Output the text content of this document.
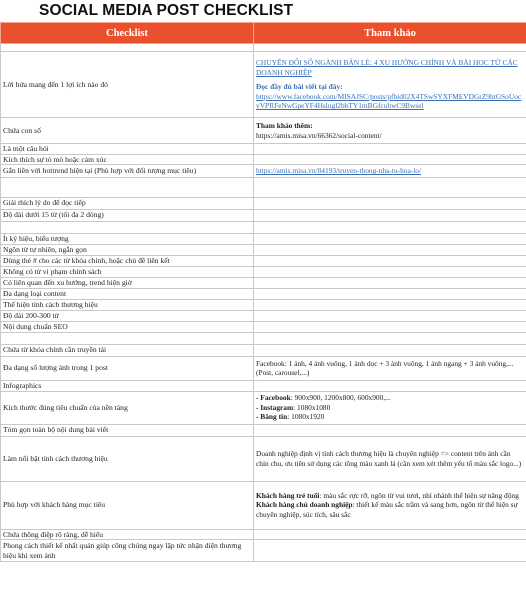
SOCIAL MEDIA POST CHECKLIST
Checklist	Tham khảo

Lời hứa mang đến 1 lợi ích nào đó	CHUYỂN ĐỔI SỐ NGÀNH BÁN LẺ: 4 XU HƯỚNG CHÍNH VÀ BÀI HỌC TỪ CÁC DOANH NGHIỆP
Đọc đầy đủ bài viết tại đây:
https://www.facebook.com/MISAJSC/posts/pfbid02X4TSwSYXFMEVDGrZ9htGSoUocyVPRFeNwGpeYF4Hslugl2bbTY1mBGfcuhwC9Bwsel

Chứa con số	Tham khảo thêm:
https://amis.misa.vn/66362/social-content/

Là một câu hỏi	
Kích thích sự tò mò hoặc cảm xúc	
Gắn liền với hottrend hiện tại (Phù hợp với đối tượng mục tiêu)	https://amis.misa.vn/84193/truyen-thong-nha-tu-hoa-lo/

Giải thích lý do để đọc tiếp	
Độ dài dưới 15 từ (tối đa 2 dòng)	

Ít ký hiệu, biểu tượng	
Ngôn từ tự nhiên, ngắn gọn	
Dùng thẻ # cho các từ khóa chính, hoặc chủ đề liên kết	
Không có từ vi phạm chính sách	
Có liên quan đến xu hướng, trend hiện giờ	
Đa dạng loại content	
Thể hiện tính cách thương hiệu	
Độ dài 200-300 từ	
Nội dung chuẩn SEO	

Chứa từ khóa chính cần truyền tải	
Đa dạng số lượng ảnh trong 1 post	Facebook: 1 ảnh, 4 ảnh vuông, 1 ảnh dọc + 3 ảnh vuông, 1 ảnh ngang + 3 ảnh vuông,... (Post, carousel,...)
Infographics	
Kích thước đúng tiêu chuẩn của nền tảng	- Facebook: 900x900, 1200x800, 600x900,...
- Instagram: 1080x1080
- Băng tin: 1080x1920

Tóm gọn toàn bộ nội dung bài viết	
Làm nổi bật tính cách thương hiệu	Doanh nghiệp định vị tính cách thương hiệu là chuyên nghiệp => content trên ảnh cần chỉn chu, ưu tiên sử dụng các tông màu xanh lá (cần xem xét thêm yếu tố màu sắc logo...)
Phù hợp với khách hàng mục tiêu	Khách hàng trẻ tuổi: màu sắc rực rỡ, ngôn từ vui tươi, nhí nhảnh thể hiện sự năng động
Khách hàng chủ doanh nghiệp: thiết kế màu sắc trầm và sang hơn, ngôn từ thể hiện sự chuyên nghiệp, súc tích, sâu sắc

Chứa thông điệp rõ ràng, dễ hiểu	
Phong cách thiết kế nhất quán giúp công chúng ngay lập tức nhận diện thương hiệu khi xem ảnh	
